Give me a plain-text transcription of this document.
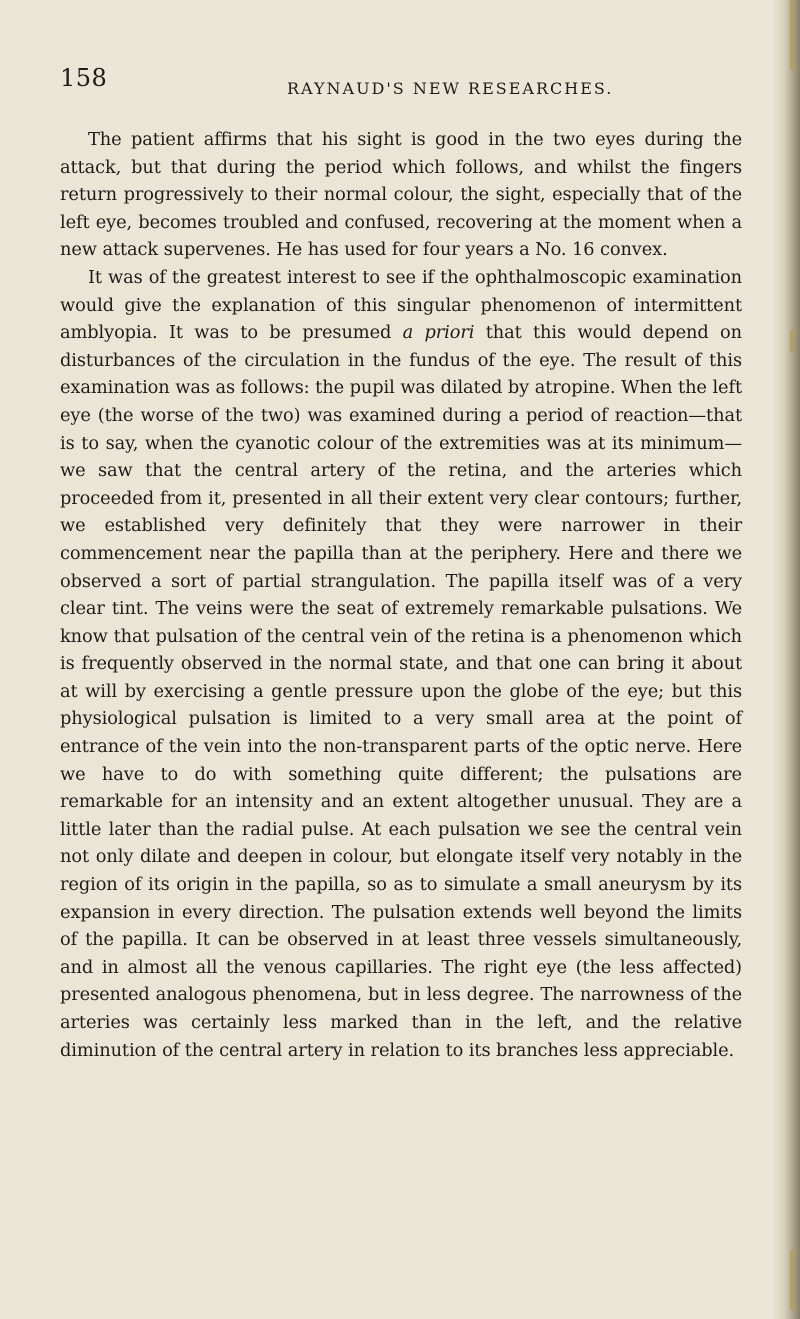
158	RAYNAUD'S NEW RESEARCHES.

The patient affirms that his sight is good in the two eyes during the attack, but that during the period which follows, and whilst the fingers return progressively to their normal colour, the sight, especially that of the left eye, becomes troubled and confused, recovering at the moment when a new attack supervenes. He has used for four years a No. 16 convex.

It was of the greatest interest to see if the ophthalmoscopic examination would give the explanation of this singular phenomenon of intermittent amblyopia. It was to be presumed a priori that this would depend on disturbances of the circulation in the fundus of the eye. The result of this examination was as follows: the pupil was dilated by atropine. When the left eye (the worse of the two) was examined during a period of reaction—that is to say, when the cyanotic colour of the extremities was at its minimum—we saw that the central artery of the retina, and the arteries which proceeded from it, presented in all their extent very clear contours; further, we established very definitely that they were narrower in their commencement near the papilla than at the periphery. Here and there we observed a sort of partial strangulation. The papilla itself was of a very clear tint. The veins were the seat of extremely remarkable pulsations. We know that pulsation of the central vein of the retina is a phenomenon which is frequently observed in the normal state, and that one can bring it about at will by exercising a gentle pressure upon the globe of the eye; but this physiological pulsation is limited to a very small area at the point of entrance of the vein into the non-transparent parts of the optic nerve. Here we have to do with something quite different; the pulsations are remarkable for an intensity and an extent altogether unusual. They are a little later than the radial pulse. At each pulsation we see the central vein not only dilate and deepen in colour, but elongate itself very notably in the region of its origin in the papilla, so as to simulate a small aneurysm by its expansion in every direction. The pulsation extends well beyond the limits of the papilla. It can be observed in at least three vessels simultaneously, and in almost all the venous capillaries. The right eye (the less affected) presented analogous phenomena, but in less degree. The narrowness of the arteries was certainly less marked than in the left, and the relative diminution of the central artery in relation to its branches less appreciable.
